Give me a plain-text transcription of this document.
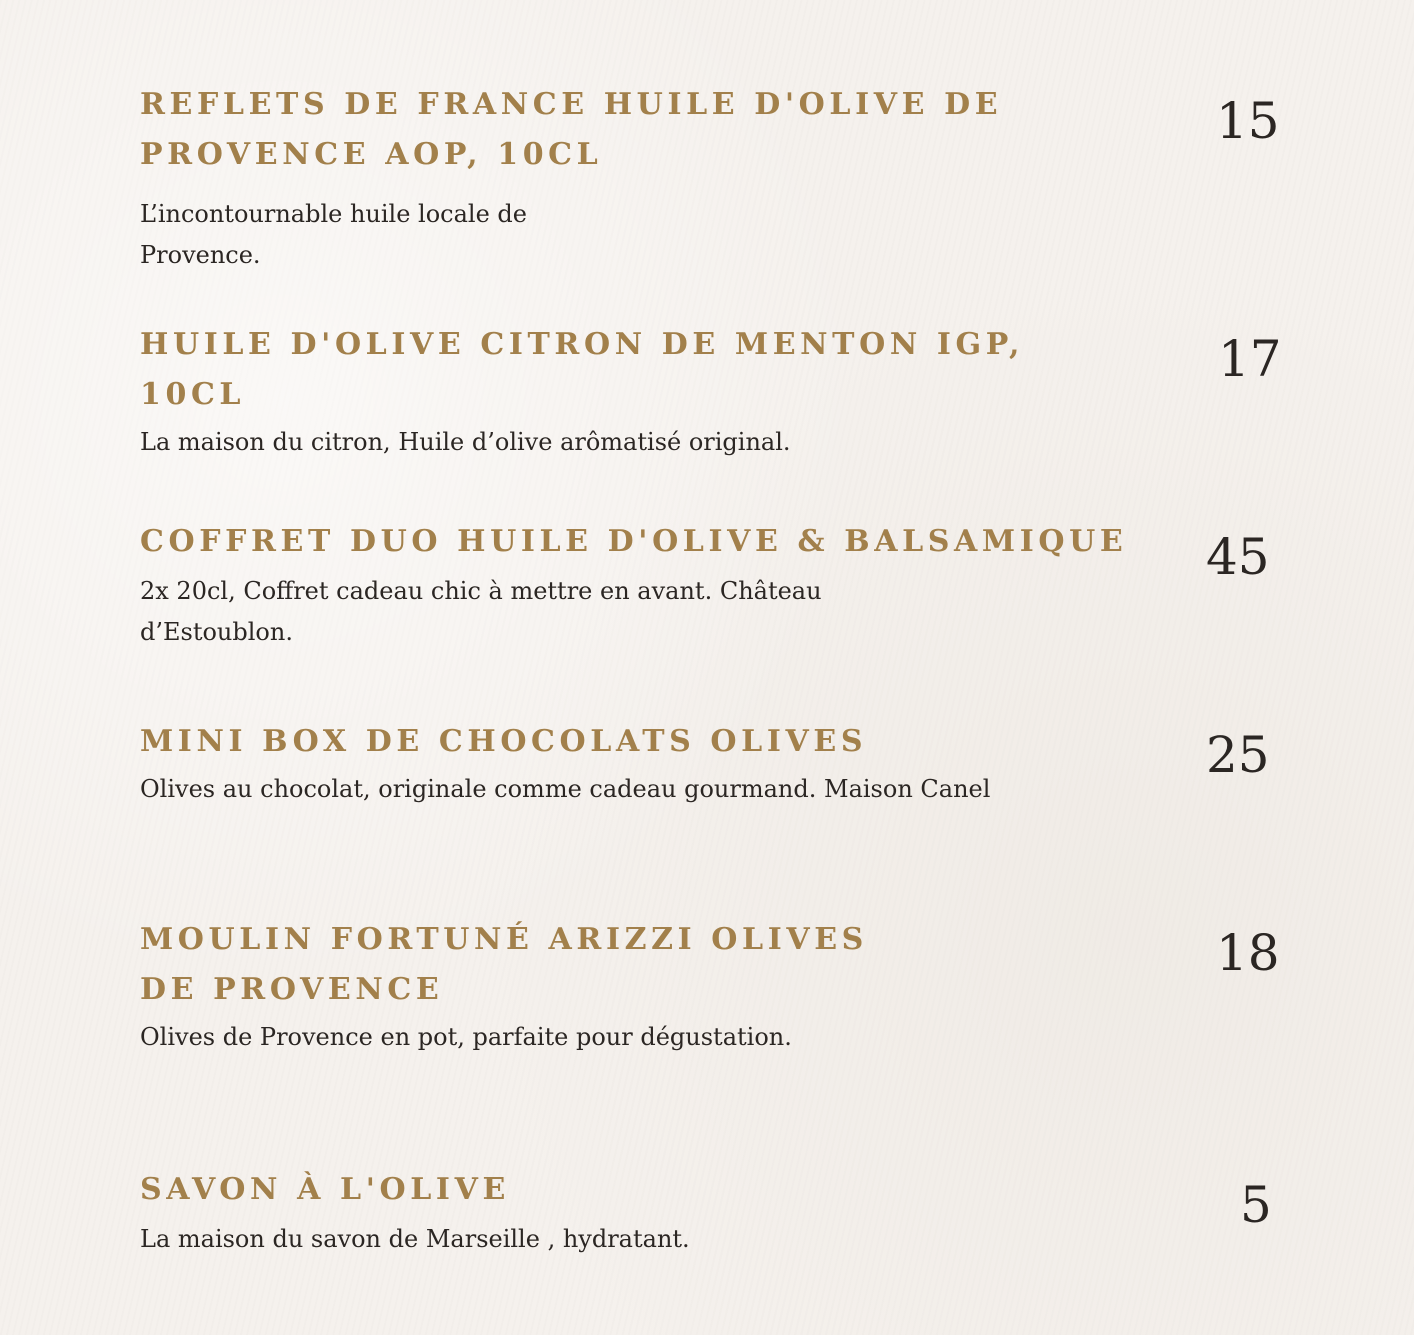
REFLETS DE FRANCE HUILE D'OLIVE DE PROVENCE AOP, 10CL

L’incontournable huile locale de Provence.

15

HUILE D'OLIVE CITRON DE MENTON IGP, 10CL

La maison du citron, Huile d’olive arômatisé original.

17

COFFRET DUO HUILE D'OLIVE & BALSAMIQUE

2x 20cl, Coffret cadeau chic à mettre en avant. Château d’Estoublon.

45

MINI BOX DE CHOCOLATS OLIVES

Olives au chocolat, originale comme cadeau gourmand. Maison Canel

25

MOULIN FORTUNÉ ARIZZI OLIVES DE PROVENCE

Olives de Provence en pot, parfaite pour dégustation.

18

SAVON À L'OLIVE

La maison du savon de Marseille , hydratant.

5
